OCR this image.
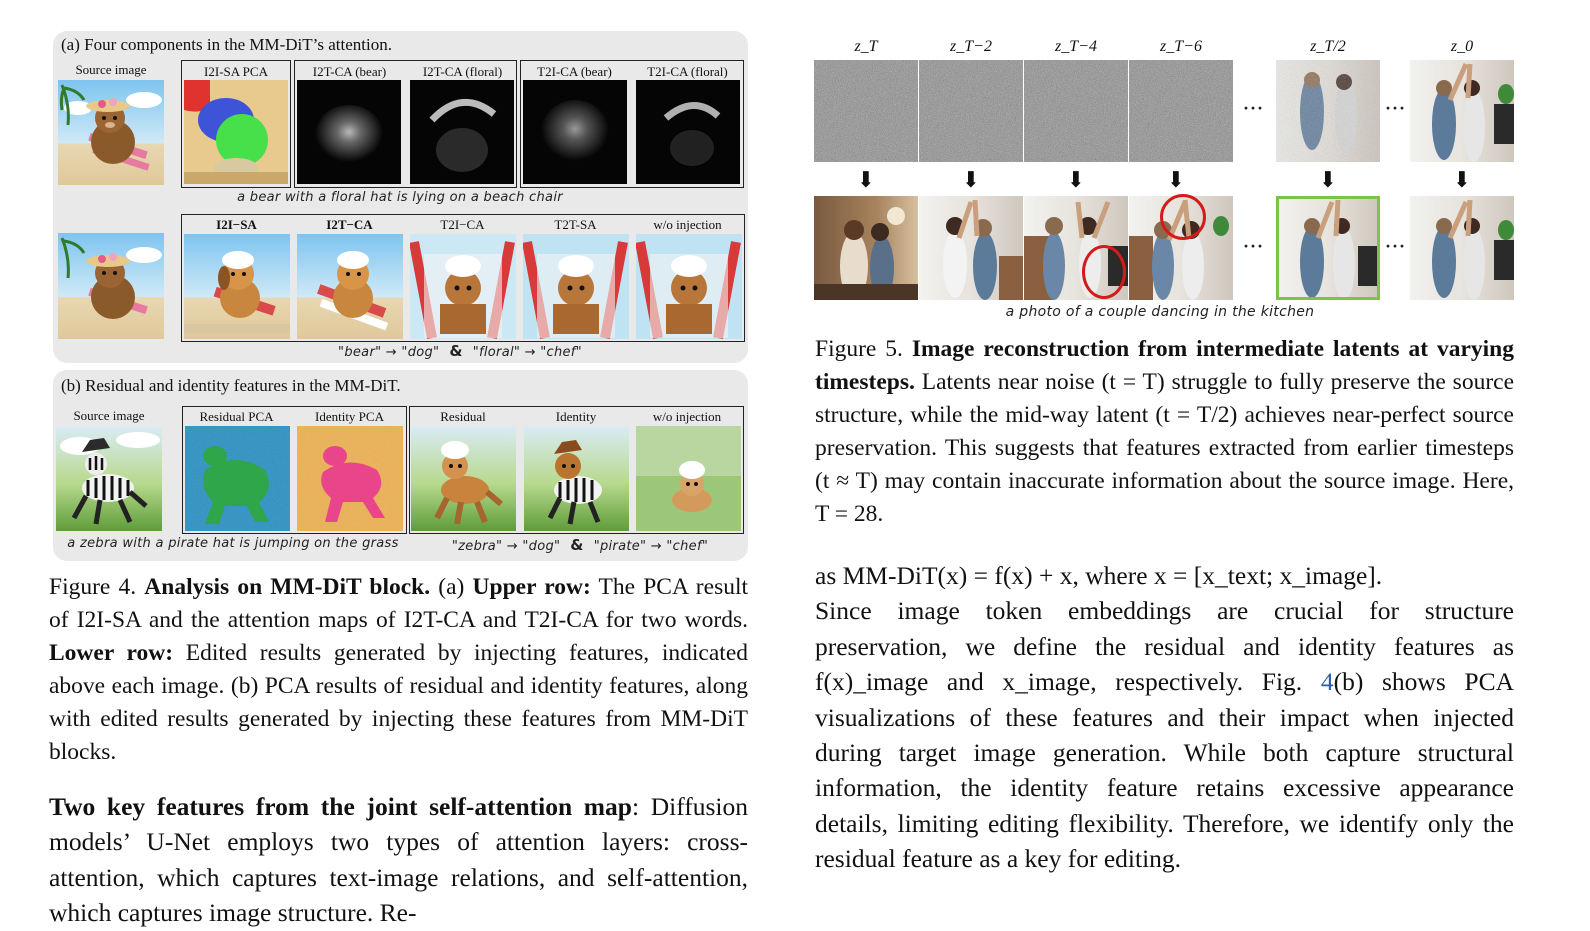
(a) Four components in the MM-DiT’s attention.
Source image	I2I-SA PCA	I2T-CA (bear)	I2T-CA (floral)	T2I-CA (bear)	T2I-CA (floral)
a bear with a floral hat is lying on a beach chair
I2I−SA	I2T−CA	T2I−CA	T2T-SA	w/o injection
"bear" → "dog" & "floral" → "chef"
(b) Residual and identity features in the MM-DiT.
Source image	Residual PCA	Identity PCA	Residual	Identity	w/o injection
a zebra with a pirate hat is jumping on the grass	"zebra" → "dog" & "pirate" → "chef"
Figure 4. Analysis on MM-DiT block. (a) Upper row: The PCA result of I2I-SA and the attention maps of I2T-CA and T2I-CA for two words. Lower row: Edited results generated by injecting features, indicated above each image. (b) PCA results of residual and identity features, along with edited results generated by injecting these features from MM-DiT blocks.
Two key features from the joint self-attention map: Diffusion models’ U-Net employs two types of attention layers: cross-attention, which captures text-image relations, and self-attention, which captures image structure. Re-
z_T	z_T−2	z_T−4	z_T−6	z_T/2	z_0
···	···
⬇	⬇	⬇	⬇	⬇	⬇
···	···
a photo of a couple dancing in the kitchen
Figure 5. Image reconstruction from intermediate latents at varying timesteps. Latents near noise (t = T) struggle to fully preserve the source structure, while the mid-way latent (t = T/2) achieves near-perfect source preservation. This suggests that features extracted from earlier timesteps (t ≈ T) may contain inaccurate information about the source image. Here, T = 28.
as MM-DiT(x) = f(x) + x, where x = [x_text; x_image].
Since image token embeddings are crucial for structure preservation, we define the residual and identity features as f(x)_image and x_image, respectively. Fig. 4(b) shows PCA visualizations of these features and their impact when injected during target image generation. While both capture structural information, the identity feature retains excessive appearance details, limiting editing flexibility. Therefore, we identify only the residual feature as a key for editing.
